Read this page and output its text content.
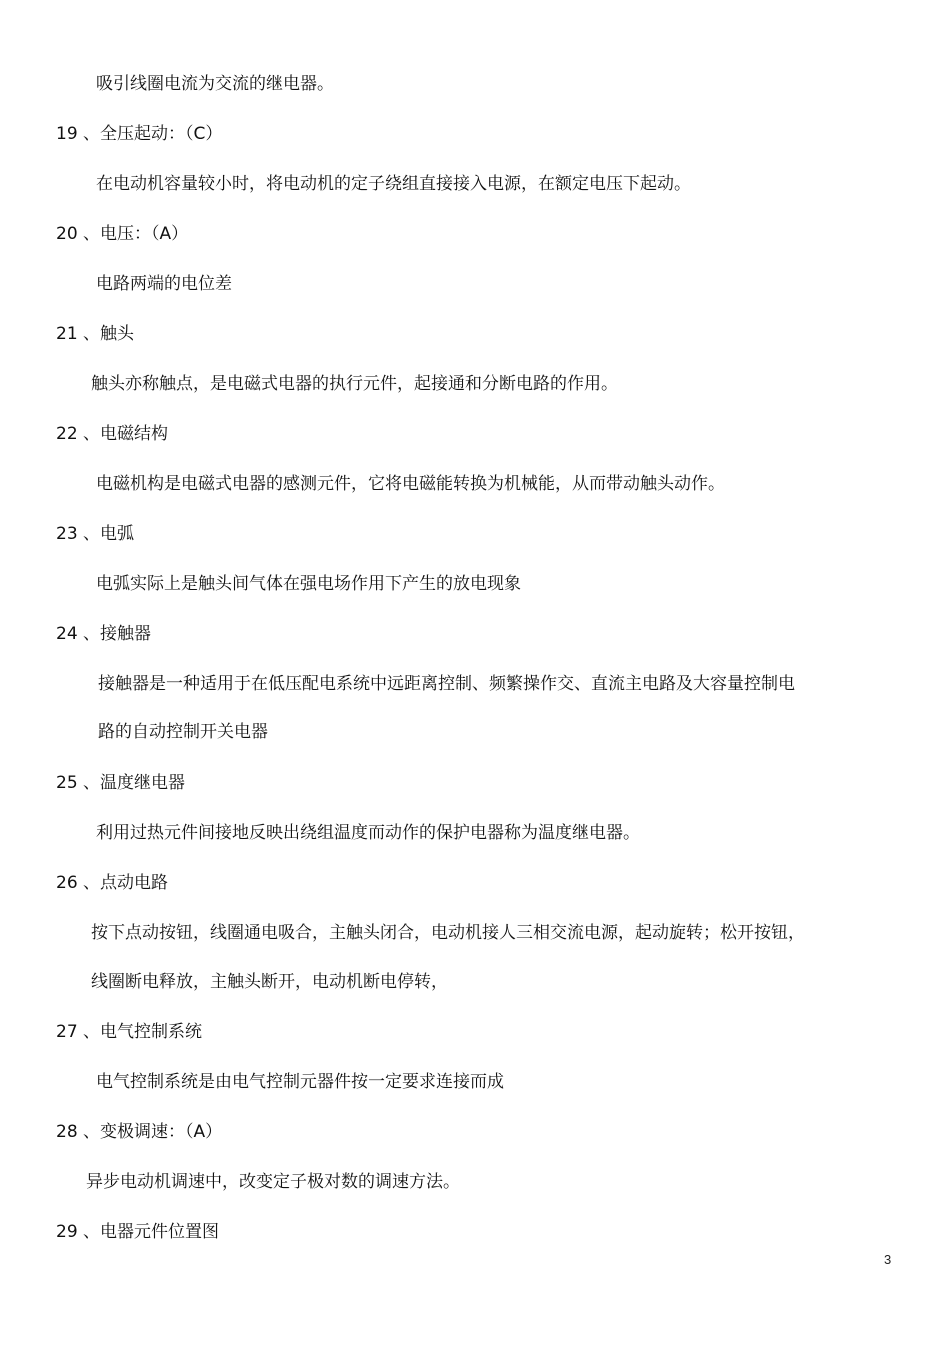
吸引线圈电流为交流的继电器。
19 、全压起动：（C）
在电动机容量较小时，将电动机的定子绕组直接接入电源，在额定电压下起动。
20 、电压：（A）
电路两端的电位差
21 、触头
触头亦称触点，是电磁式电器的执行元件，起接通和分断电路的作用。
22 、电磁结构
电磁机构是电磁式电器的感测元件，它将电磁能转换为机械能，从而带动触头动作。
23 、电弧
电弧实际上是触头间气体在强电场作用下产生的放电现象
24 、接触器
接触器是一种适用于在低压配电系统中远距离控制、频繁操作交、直流主电路及大容量控制电
路的自动控制开关电器
25 、温度继电器
利用过热元件间接地反映出绕组温度而动作的保护电器称为温度继电器。
26 、点动电路
按下点动按钮，线圈通电吸合，主触头闭合，电动机接人三相交流电源，起动旋转；松开按钮，
线圈断电释放，主触头断开，电动机断电停转，
27 、电气控制系统
电气控制系统是由电气控制元器件按一定要求连接而成
28 、变极调速：（A）
异步电动机调速中，改变定子极对数的调速方法。
29 、电器元件位置图
3
